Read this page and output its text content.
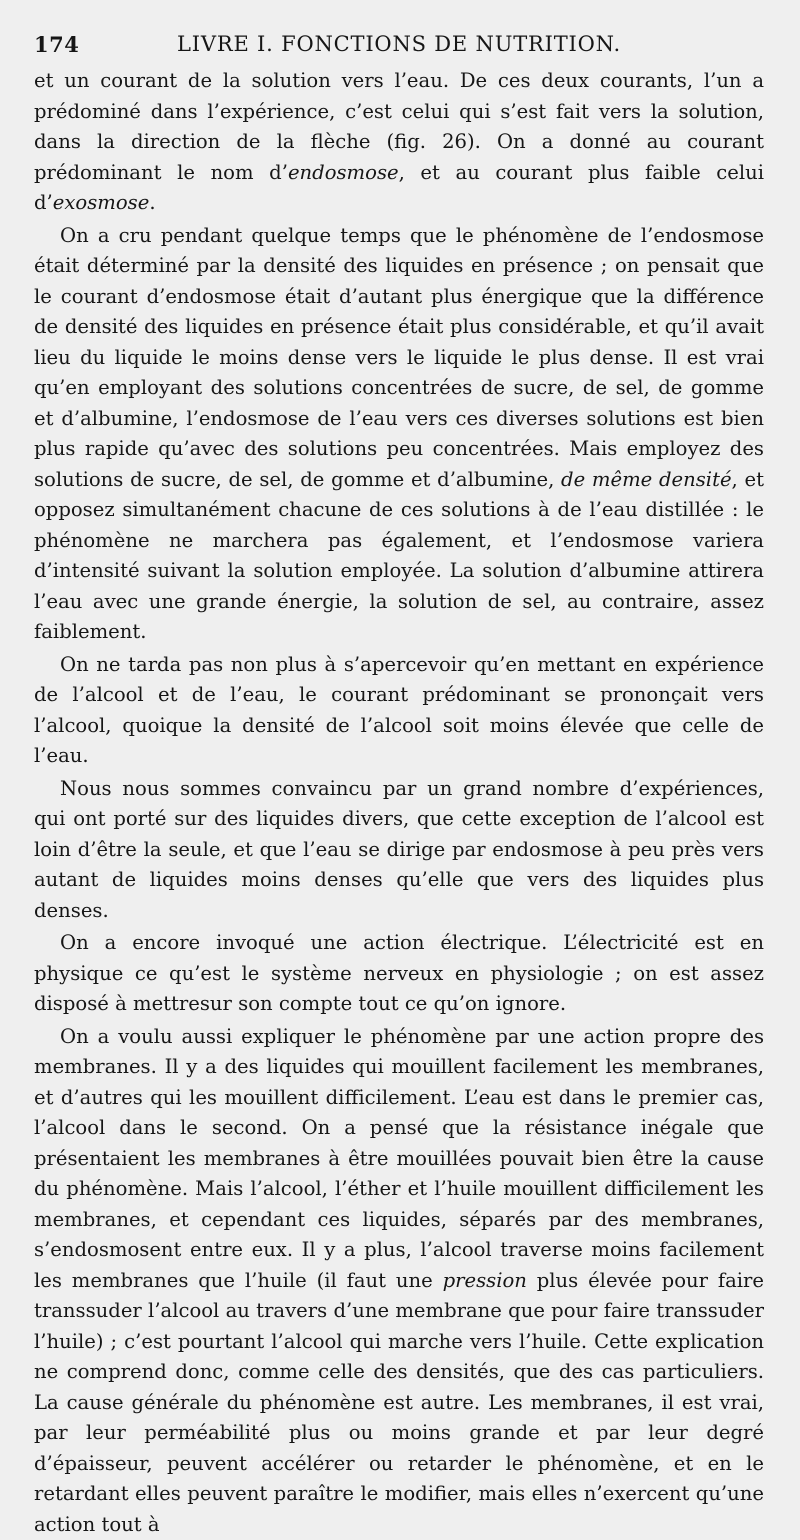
174	LIVRE I. FONCTIONS DE NUTRITION.

et un courant de la solution vers l’eau. De ces deux courants, l’un a prédominé dans l’expérience, c’est celui qui s’est fait vers la solution, dans la direction de la flèche (fig. 26). On a donné au courant prédominant le nom d’endosmose, et au courant plus faible celui d’exosmose.

On a cru pendant quelque temps que le phénomène de l’endosmose était déterminé par la densité des liquides en présence ; on pensait que le courant d’endosmose était d’autant plus énergique que la différence de densité des liquides en présence était plus considérable, et qu’il avait lieu du liquide le moins dense vers le liquide le plus dense. Il est vrai qu’en employant des solutions concentrées de sucre, de sel, de gomme et d’albumine, l’endosmose de l’eau vers ces diverses solutions est bien plus rapide qu’avec des solutions peu concentrées. Mais employez des solutions de sucre, de sel, de gomme et d’albumine, de même densité, et opposez simultanément chacune de ces solutions à de l’eau distillée : le phénomène ne marchera pas également, et l’endosmose variera d’intensité suivant la solution employée. La solution d’albumine attirera l’eau avec une grande énergie, la solution de sel, au contraire, assez faiblement.

On ne tarda pas non plus à s’apercevoir qu’en mettant en expérience de l’alcool et de l’eau, le courant prédominant se prononçait vers l’alcool, quoique la densité de l’alcool soit moins élevée que celle de l’eau.

Nous nous sommes convaincu par un grand nombre d’expériences, qui ont porté sur des liquides divers, que cette exception de l’alcool est loin d’être la seule, et que l’eau se dirige par endosmose à peu près vers autant de liquides moins denses qu’elle que vers des liquides plus denses.

On a encore invoqué une action électrique. L’électricité est en physique ce qu’est le système nerveux en physiologie ; on est assez disposé à mettresur son compte tout ce qu’on ignore.

On a voulu aussi expliquer le phénomène par une action propre des membranes. Il y a des liquides qui mouillent facilement les membranes, et d’autres qui les mouillent difficilement. L’eau est dans le premier cas, l’alcool dans le second. On a pensé que la résistance inégale que présentaient les membranes à être mouillées pouvait bien être la cause du phénomène. Mais l’alcool, l’éther et l’huile mouillent difficilement les membranes, et cependant ces liquides, séparés par des membranes, s’endosmosent entre eux. Il y a plus, l’alcool traverse moins facilement les membranes que l’huile (il faut une pression plus élevée pour faire transsuder l’alcool au travers d’une membrane que pour faire transsuder l’huile) ; c’est pourtant l’alcool qui marche vers l’huile. Cette explication ne comprend donc, comme celle des densités, que des cas particuliers. La cause générale du phénomène est autre. Les membranes, il est vrai, par leur perméabilité plus ou moins grande et par leur degré d’épaisseur, peuvent accélérer ou retarder le phénomène, et en le retardant elles peuvent paraître le modifier, mais elles n’exercent qu’une action tout à
